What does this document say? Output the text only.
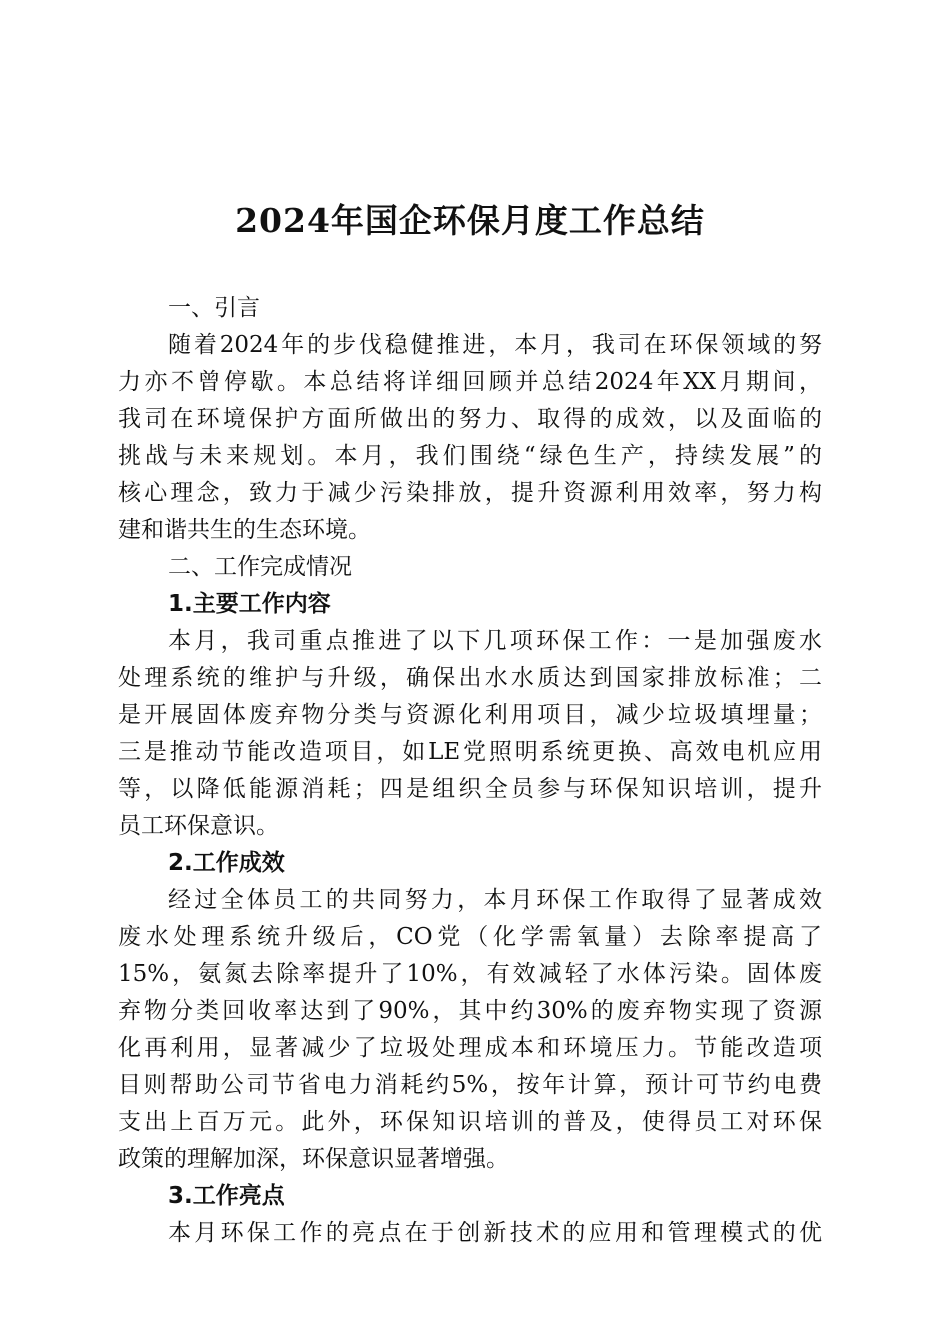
2024年国企环保月度工作总结
一、引言
随着2024年的步伐稳健推进，本月，我司在环保领域的努
力亦不曾停歇。本总结将详细回顾并总结2024年XX月期间，
我司在环境保护方面所做出的努力、取得的成效，以及面临的
挑战与未来规划。本月，我们围绕“绿色生产，持续发展”的
核心理念，致力于减少污染排放，提升资源利用效率，努力构
建和谐共生的生态环境。
二、工作完成情况
1.主要工作内容
本月，我司重点推进了以下几项环保工作：一是加强废水
处理系统的维护与升级，确保出水水质达到国家排放标准；二
是开展固体废弃物分类与资源化利用项目，减少垃圾填埋量；
三是推动节能改造项目，如LE党照明系统更换、高效电机应用
等，以降低能源消耗；四是组织全员参与环保知识培训，提升
员工环保意识。
2.工作成效
经过全体员工的共同努力，本月环保工作取得了显著成效
废水处理系统升级后，CO党（化学需氧量）去除率提高了
15%，氨氮去除率提升了10%，有效减轻了水体污染。固体废
弃物分类回收率达到了90%，其中约30%的废弃物实现了资源
化再利用，显著减少了垃圾处理成本和环境压力。节能改造项
目则帮助公司节省电力消耗约5%，按年计算，预计可节约电费
支出上百万元。此外，环保知识培训的普及，使得员工对环保
政策的理解加深，环保意识显著增强。
3.工作亮点
本月环保工作的亮点在于创新技术的应用和管理模式的优
